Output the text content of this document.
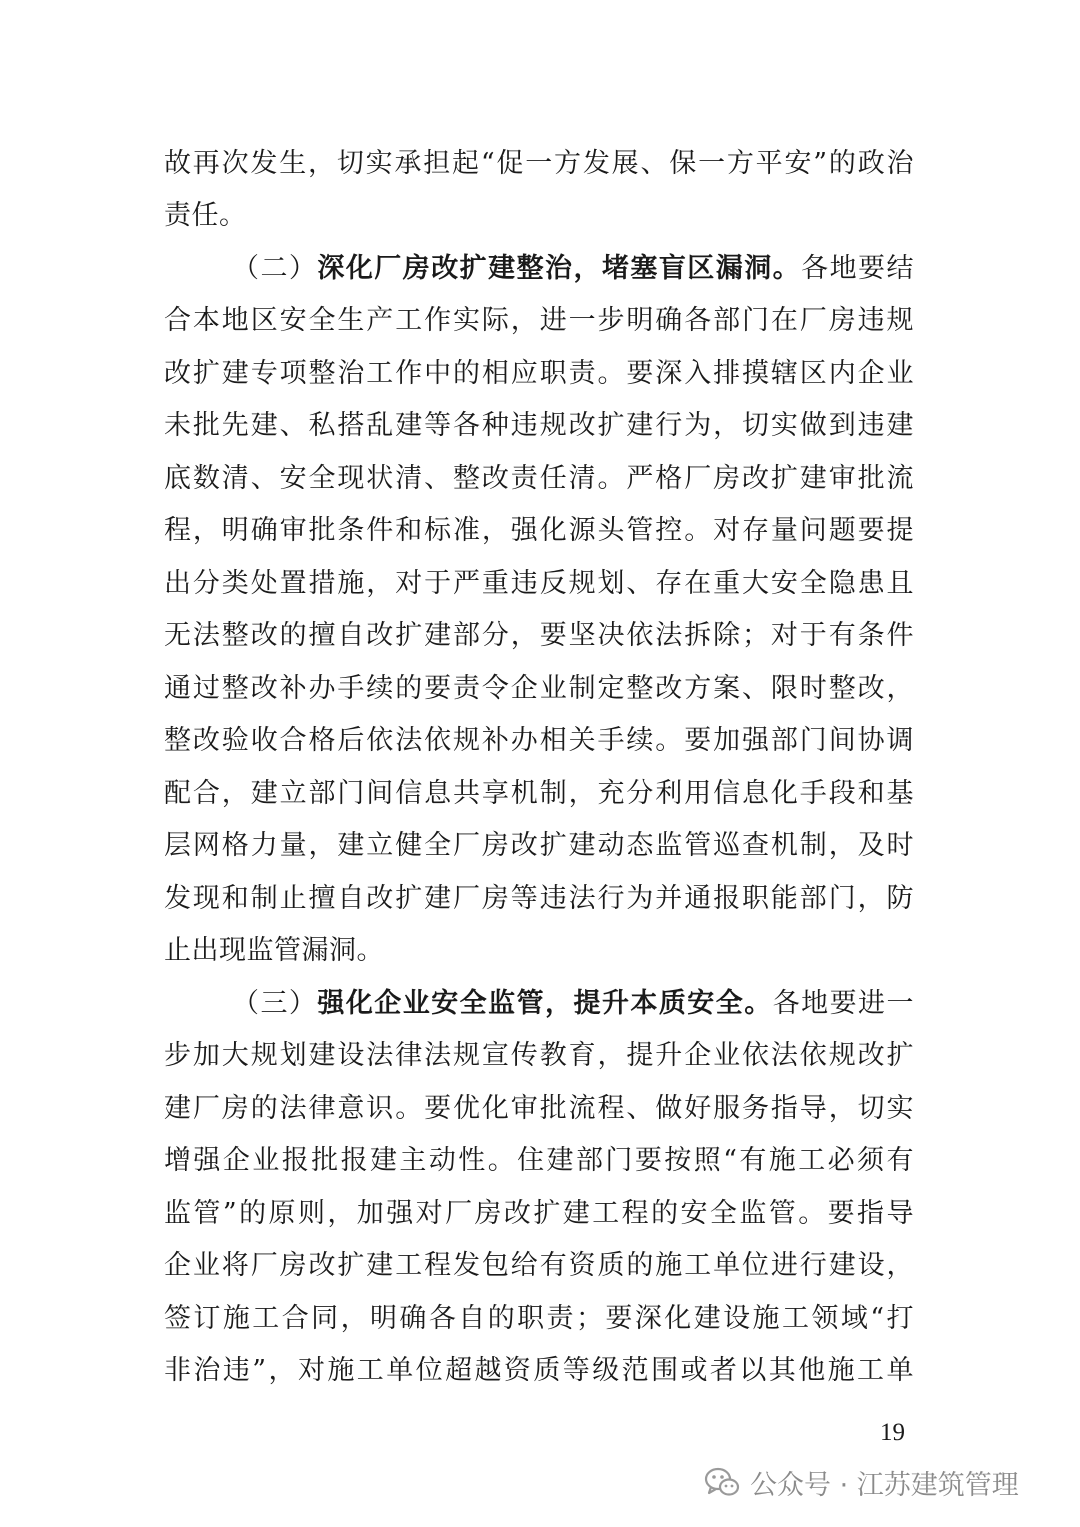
故再次发生，切实承担起“促一方发展、保一方平安”的政治
责任。
（二）深化厂房改扩建整治，堵塞盲区漏洞。各地要结
合本地区安全生产工作实际，进一步明确各部门在厂房违规
改扩建专项整治工作中的相应职责。要深入排摸辖区内企业
未批先建、私搭乱建等各种违规改扩建行为，切实做到违建
底数清、安全现状清、整改责任清。严格厂房改扩建审批流
程，明确审批条件和标准，强化源头管控。对存量问题要提
出分类处置措施，对于严重违反规划、存在重大安全隐患且
无法整改的擅自改扩建部分，要坚决依法拆除；对于有条件
通过整改补办手续的要责令企业制定整改方案、限时整改，
整改验收合格后依法依规补办相关手续。要加强部门间协调
配合，建立部门间信息共享机制，充分利用信息化手段和基
层网格力量，建立健全厂房改扩建动态监管巡查机制，及时
发现和制止擅自改扩建厂房等违法行为并通报职能部门，防
止出现监管漏洞。
（三）强化企业安全监管，提升本质安全。各地要进一
步加大规划建设法律法规宣传教育，提升企业依法依规改扩
建厂房的法律意识。要优化审批流程、做好服务指导，切实
增强企业报批报建主动性。住建部门要按照“有施工必须有
监管”的原则，加强对厂房改扩建工程的安全监管。要指导
企业将厂房改扩建工程发包给有资质的施工单位进行建设，
签订施工合同，明确各自的职责；要深化建设施工领域“打
非治违”，对施工单位超越资质等级范围或者以其他施工单
19
公众号 · 江苏建筑管理
